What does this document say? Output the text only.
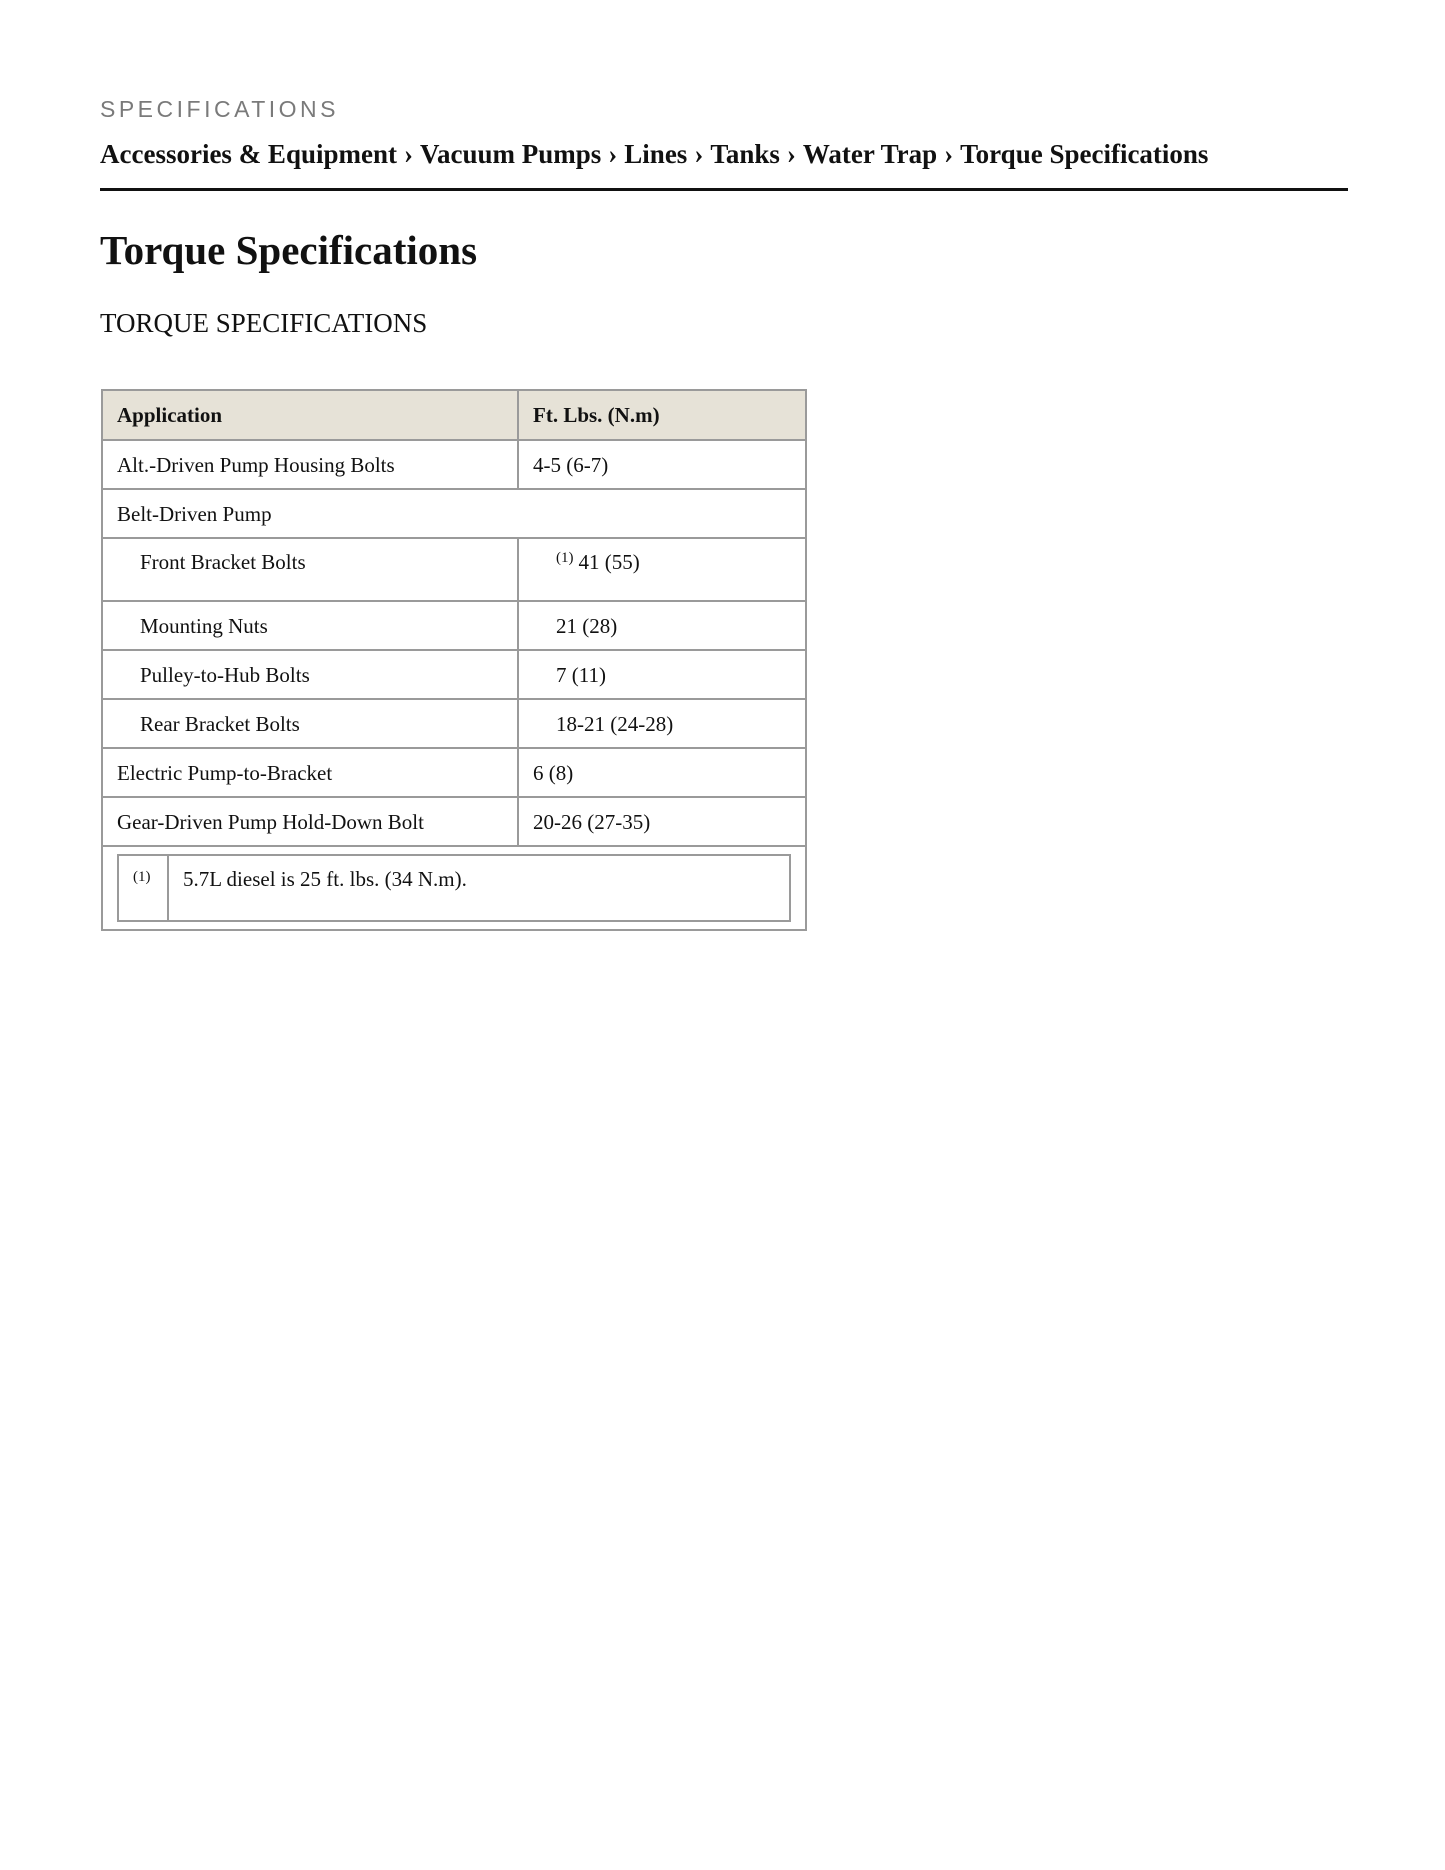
SPECIFICATIONS
Accessories & Equipment › Vacuum Pumps › Lines › Tanks › Water Trap › Torque Specifications
Torque Specifications
TORQUE SPECIFICATIONS
Application	Ft. Lbs. (N.m)
Alt.-Driven Pump Housing Bolts	4-5 (6-7)
Belt-Driven Pump
Front Bracket Bolts	$^{(1)}$ 41 (55)
Mounting Nuts	21 (28)
Pulley-to-Hub Bolts	7 (11)
Rear Bracket Bolts	18-21 (24-28)
Electric Pump-to-Bracket	6 (8)
Gear-Driven Pump Hold-Down Bolt	20-26 (27-35)

(1)	5.7L diesel is 25 ft. lbs. (34 N.m).
